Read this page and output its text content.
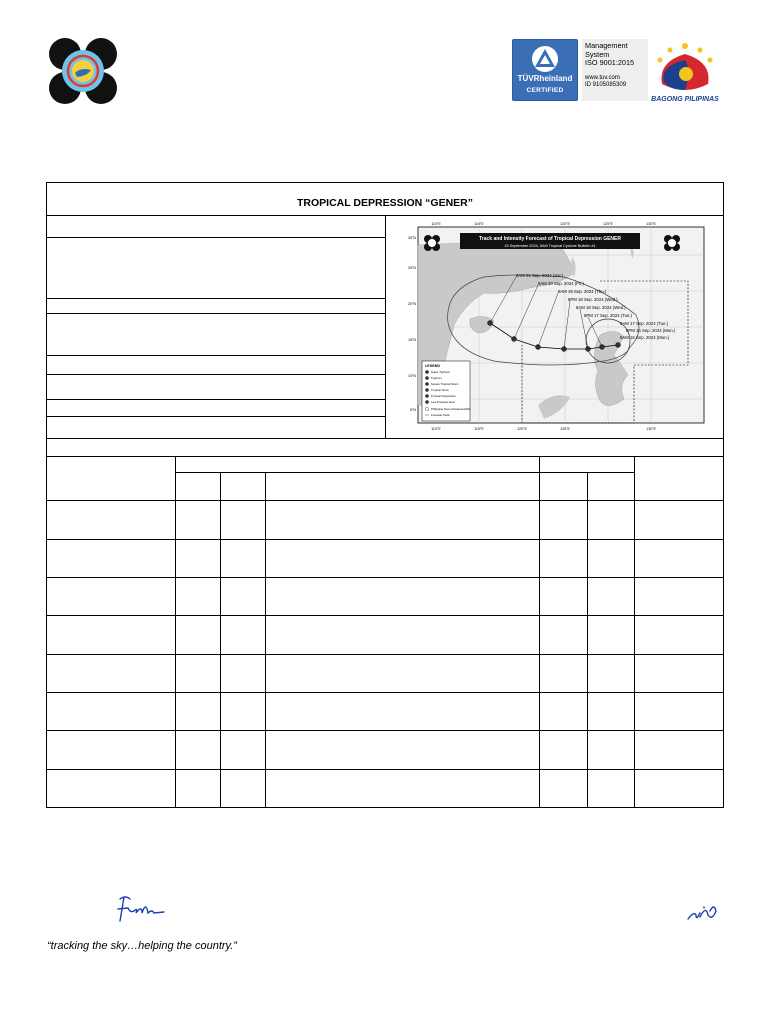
TÜVRheinland
CERTIFIED
Management
System
ISO 9001:2015
www.tuv.com
ID 9105085309
BAGONG PILIPINAS
TROPICAL DEPRESSION “GENER”
Track and Intensity Forecast of Tropical Depression GENER
15 September 2024, 8AM Tropical Cyclone Bulletin #1
8AM 21 Sep. 2024 (Sat.)
8AM 20 Sep. 2024 (Fri.)
8AM 19 Sep. 2024 (Thu.)
8PM 18 Sep. 2024 (Wed.)
8AM 18 Sep. 2024 (Wed.)
8PM 17 Sep. 2024 (Tue.)
8AM 17 Sep. 2024 (Tue.)
8PM 16 Sep. 2024 (Mon.)
8AM 16 Sep. 2024 (Mon.)
110°E	115°E	120°E	125°E	130°E
110°E	115°E	120°E	125°E	130°E
30°N
25°N
20°N
15°N
10°N
5°N
LEGEND
Super Typhoon
Typhoon
Severe Tropical Storm
Tropical Storm
Tropical Depression
Low Pressure Area
Philippine Area of Responsibility
Forecast Track
“tracking the sky…helping the country.”
